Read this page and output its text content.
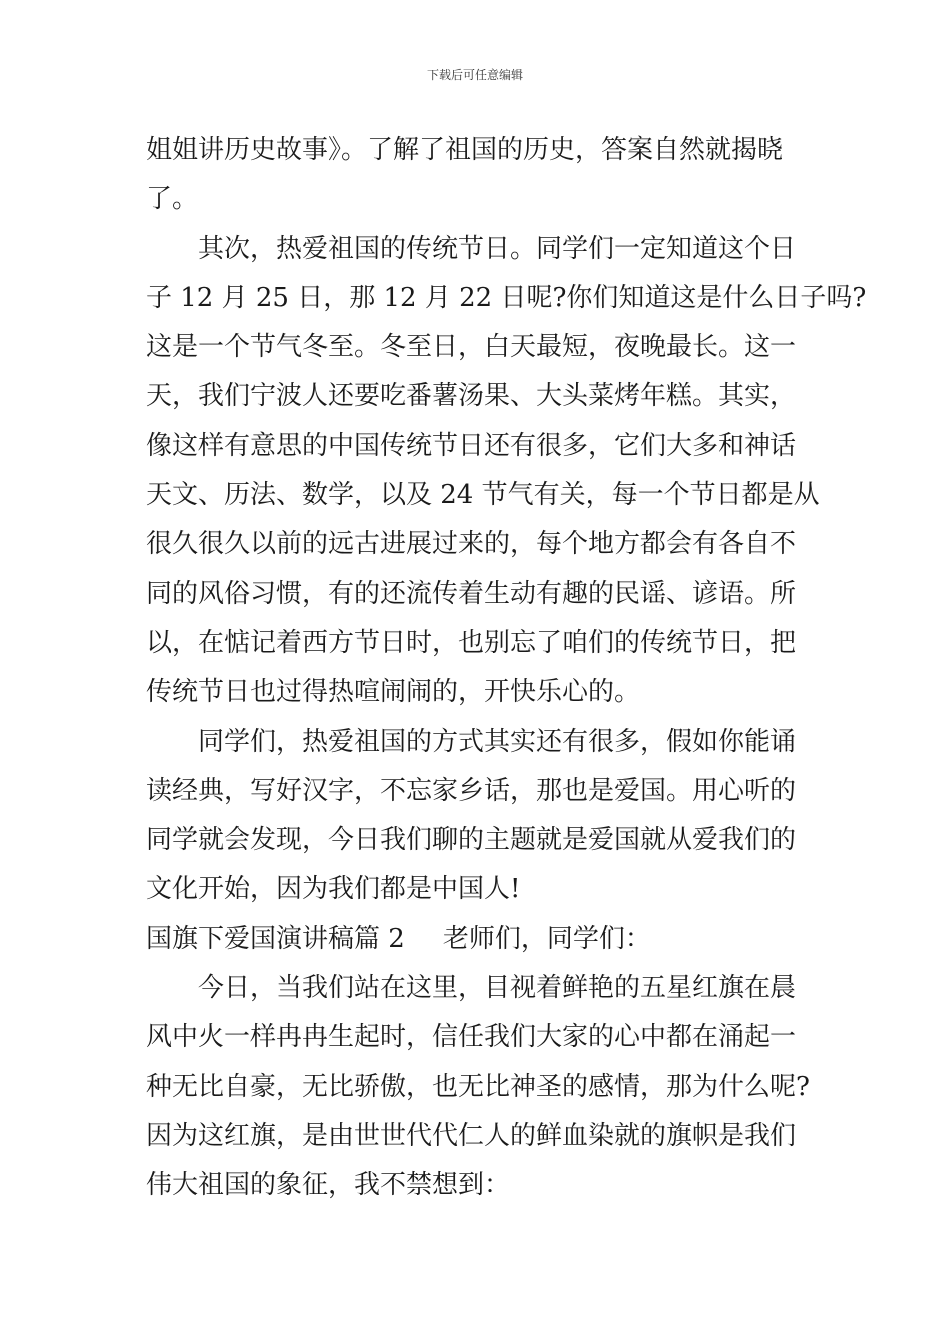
下载后可任意编辑
姐姐讲历史故事》。了解了祖国的历史，答案自然就揭晓
了。
其次，热爱祖国的传统节日。同学们一定知道这个日
子 12 月 25 日，那 12 月 22 日呢?你们知道这是什么日子吗?
这是一个节气冬至。冬至日，白天最短，夜晚最长。这一
天，我们宁波人还要吃番薯汤果、大头菜烤年糕。其实，
像这样有意思的中国传统节日还有很多，它们大多和神话
天文、历法、数学，以及 24 节气有关，每一个节日都是从
很久很久以前的远古进展过来的，每个地方都会有各自不
同的风俗习惯，有的还流传着生动有趣的民谣、谚语。所
以，在惦记着西方节日时，也别忘了咱们的传统节日，把
传统节日也过得热喧闹闹的，开快乐心的。
同学们，热爱祖国的方式其实还有很多，假如你能诵
读经典，写好汉字，不忘家乡话，那也是爱国。用心听的
同学就会发现，今日我们聊的主题就是爱国就从爱我们的
文化开始，因为我们都是中国人!
国旗下爱国演讲稿篇 2 老师们，同学们：
今日，当我们站在这里，目视着鲜艳的五星红旗在晨
风中火一样冉冉生起时，信任我们大家的心中都在涌起一
种无比自豪，无比骄傲，也无比神圣的感情，那为什么呢?
因为这红旗，是由世世代代仁人的鲜血染就的旗帜是我们
伟大祖国的象征，我不禁想到：
